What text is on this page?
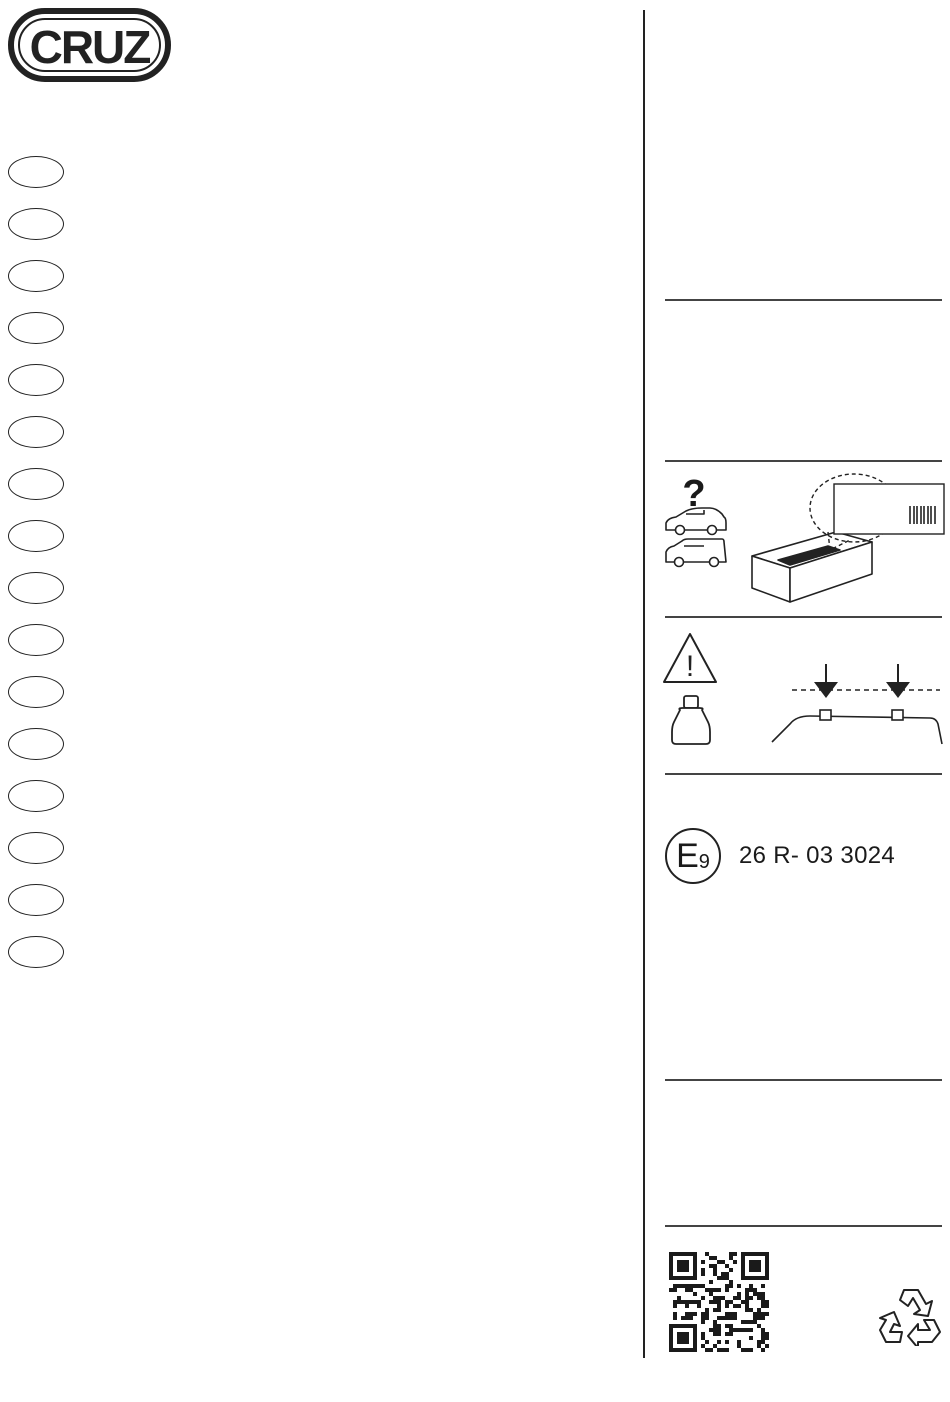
CRUZ
?
!
E 9 26 R- 03 3024
